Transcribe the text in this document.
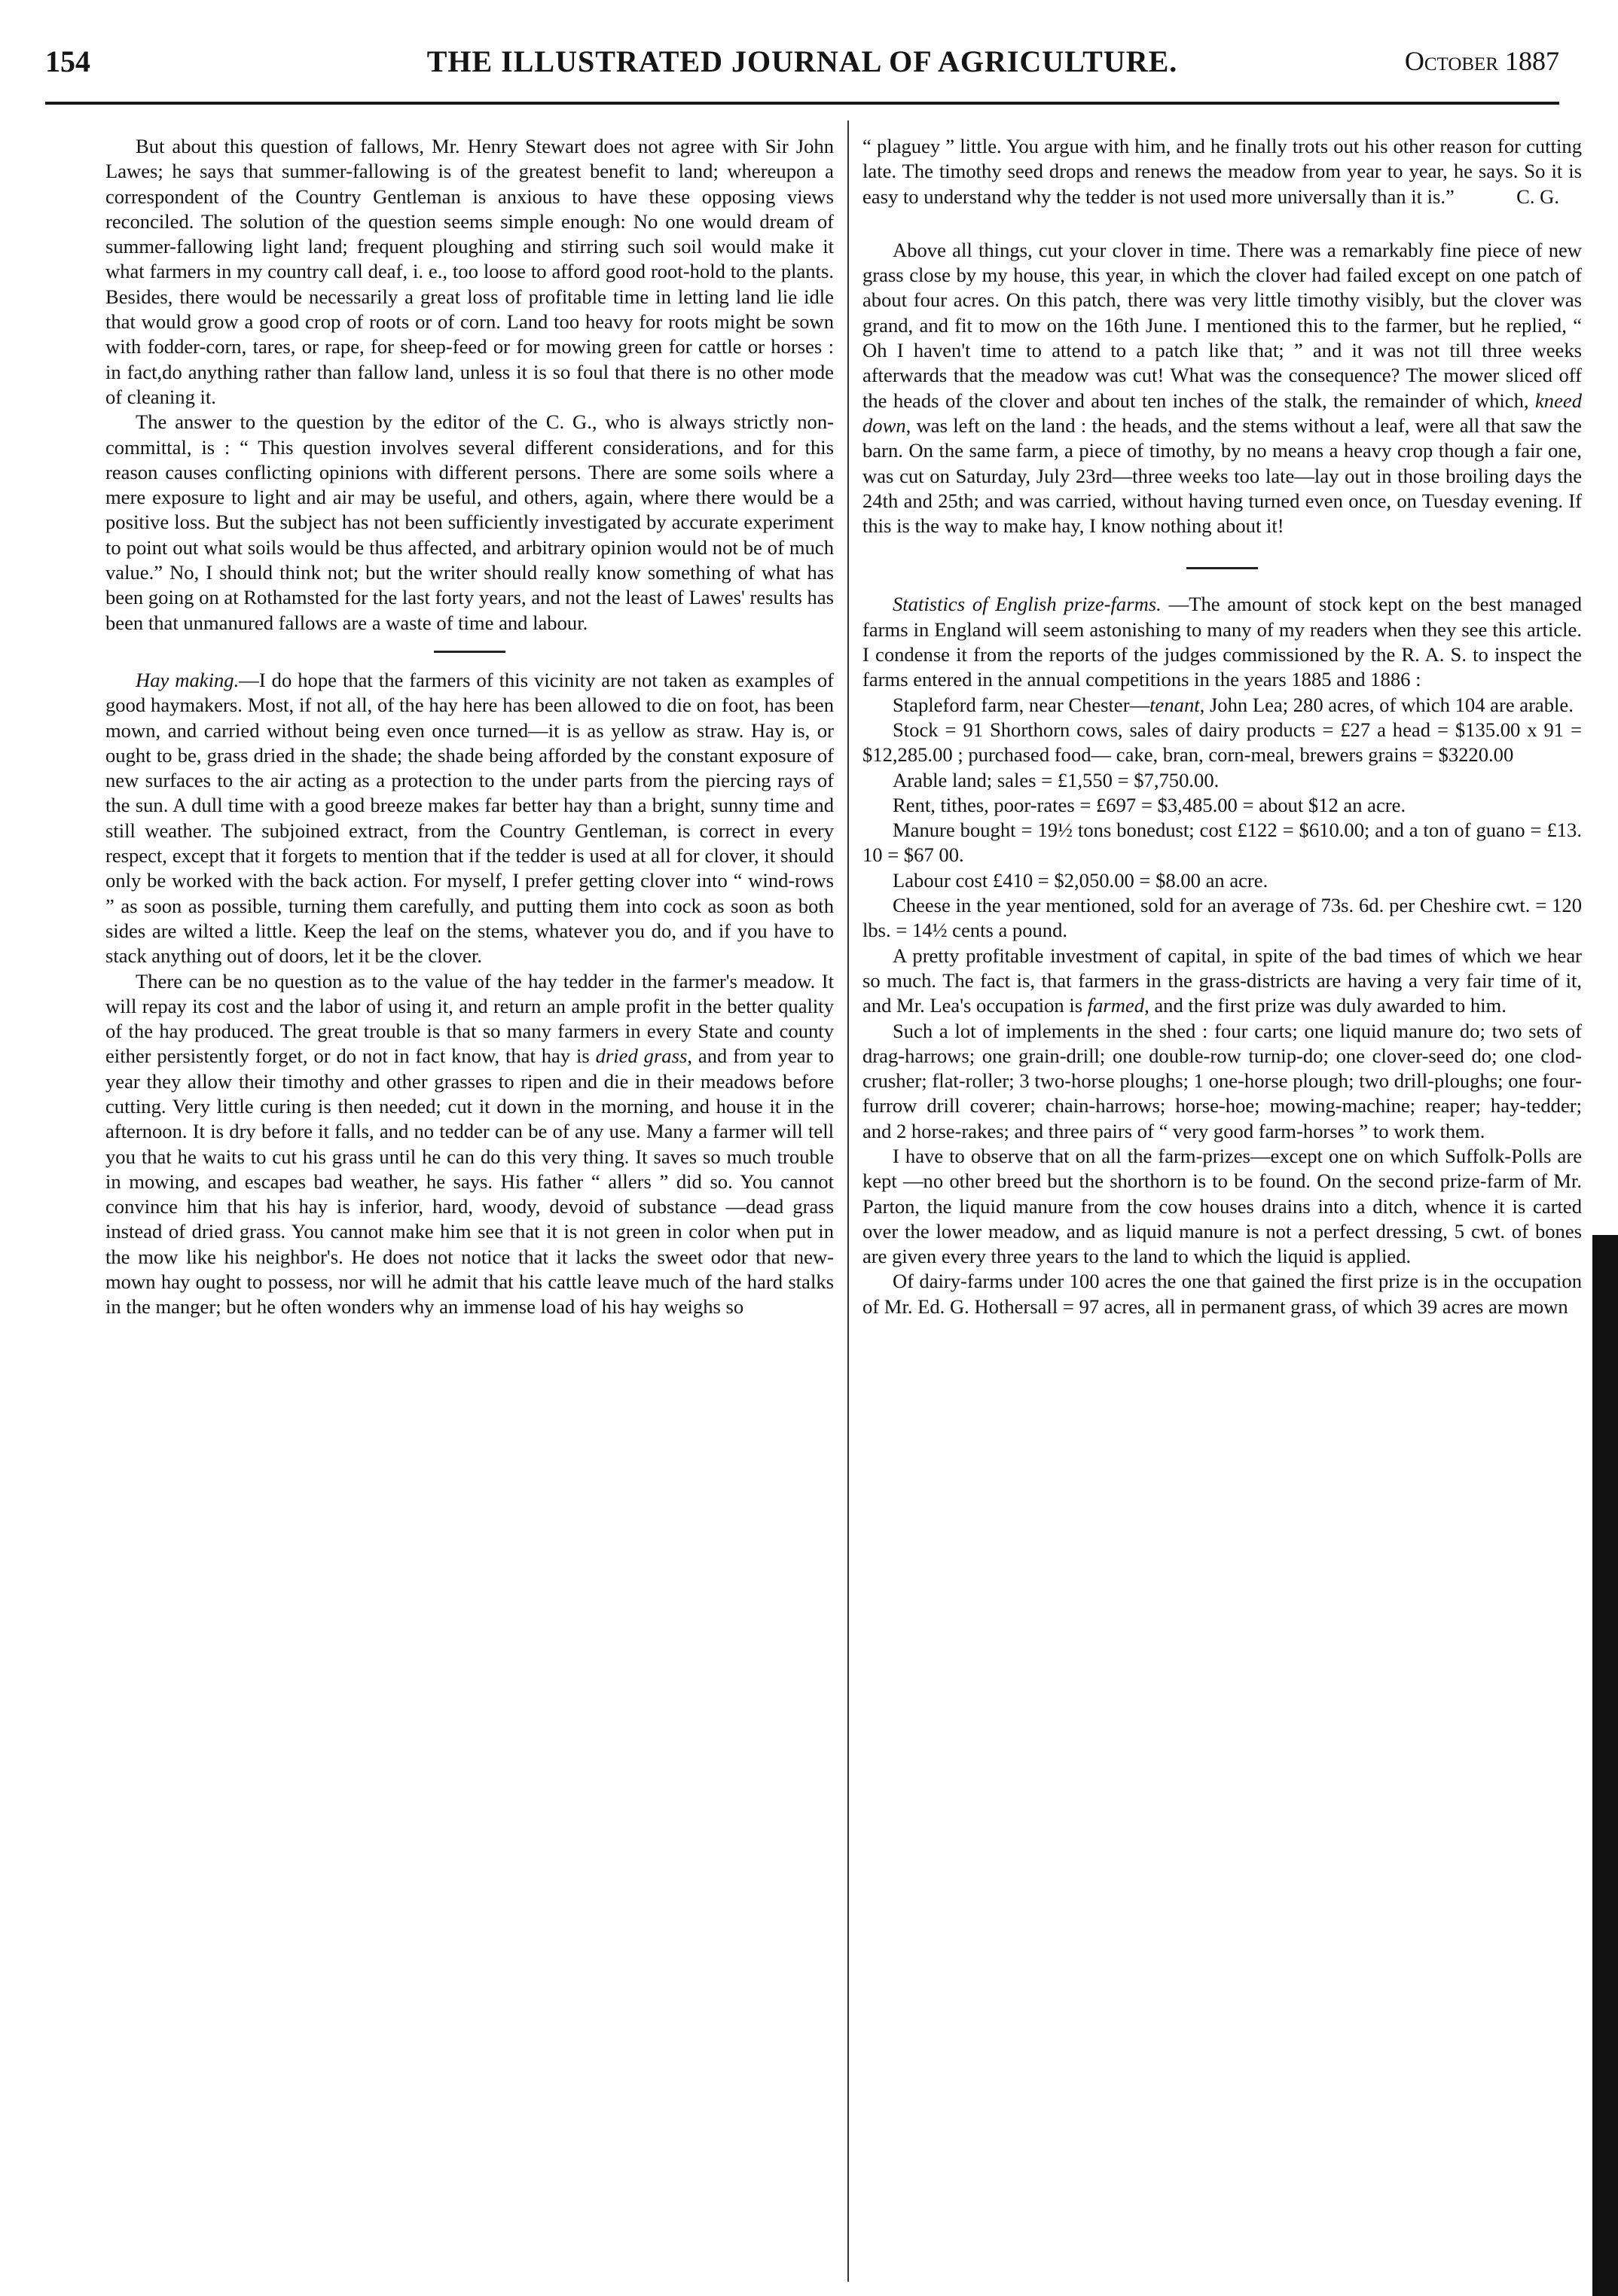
154	THE ILLUSTRATED JOURNAL OF AGRICULTURE.	October 1887

But about this question of fallows, Mr. Henry Stewart does not agree with Sir John Lawes; he says that summer-fallowing is of the greatest benefit to land; whereupon a correspondent of the Country Gentleman is anxious to have these opposing views reconciled. The solution of the question seems simple enough: No one would dream of summer-fallowing light land; frequent ploughing and stirring such soil would make it what farmers in my country call deaf, i. e., too loose to afford good root-hold to the plants. Besides, there would be necessarily a great loss of profitable time in letting land lie idle that would grow a good crop of roots or of corn. Land too heavy for roots might be sown with fodder-corn, tares, or rape, for sheep-feed or for mowing green for cattle or horses : in fact,do anything rather than fallow land, unless it is so foul that there is no other mode of cleaning it.

The answer to the question by the editor of the C. G., who is always strictly non-committal, is : “ This question involves several different considerations, and for this reason causes conflicting opinions with different persons. There are some soils where a mere exposure to light and air may be useful, and others, again, where there would be a positive loss. But the subject has not been sufficiently investigated by accurate experiment to point out what soils would be thus affected, and arbitrary opinion would not be of much value.” No, I should think not; but the writer should really know something of what has been going on at Rothamsted for the last forty years, and not the least of Lawes' results has been that unmanured fallows are a waste of time and labour.

Hay making.—I do hope that the farmers of this vicinity are not taken as examples of good haymakers. Most, if not all, of the hay here has been allowed to die on foot, has been mown, and carried without being even once turned—it is as yellow as straw. Hay is, or ought to be, grass dried in the shade; the shade being afforded by the constant exposure of new surfaces to the air acting as a protection to the under parts from the piercing rays of the sun. A dull time with a good breeze makes far better hay than a bright, sunny time and still weather. The subjoined extract, from the Country Gentleman, is correct in every respect, except that it forgets to mention that if the tedder is used at all for clover, it should only be worked with the back action. For myself, I prefer getting clover into “ wind-rows ” as soon as possible, turning them carefully, and putting them into cock as soon as both sides are wilted a little. Keep the leaf on the stems, whatever you do, and if you have to stack anything out of doors, let it be the clover.

There can be no question as to the value of the hay tedder in the farmer's meadow. It will repay its cost and the labor of using it, and return an ample profit in the better quality of the hay produced. The great trouble is that so many farmers in every State and county either persistently forget, or do not in fact know, that hay is dried grass, and from year to year they allow their timothy and other grasses to ripen and die in their meadows before cutting. Very little curing is then needed; cut it down in the morning, and house it in the afternoon. It is dry before it falls, and no tedder can be of any use. Many a farmer will tell you that he waits to cut his grass until he can do this very thing. It saves so much trouble in mowing, and escapes bad weather, he says. His father “ allers ” did so. You cannot convince him that his hay is inferior, hard, woody, devoid of substance —dead grass instead of dried grass. You cannot make him see that it is not green in color when put in the mow like his neighbor's. He does not notice that it lacks the sweet odor that new-mown hay ought to possess, nor will he admit that his cattle leave much of the hard stalks in the manger; but he often wonders why an immense load of his hay weighs so

“ plaguey ” little. You argue with him, and he finally trots out his other reason for cutting late. The timothy seed drops and renews the meadow from year to year, he says. So it is easy to understand why the tedder is not used more universally than it is.”	C. G.

Above all things, cut your clover in time. There was a remarkably fine piece of new grass close by my house, this year, in which the clover had failed except on one patch of about four acres. On this patch, there was very little timothy visibly, but the clover was grand, and fit to mow on the 16th June. I mentioned this to the farmer, but he replied, “ Oh I haven't time to attend to a patch like that; ” and it was not till three weeks afterwards that the meadow was cut! What was the consequence? The mower sliced off the heads of the clover and about ten inches of the stalk, the remainder of which, kneed down, was left on the land : the heads, and the stems without a leaf, were all that saw the barn. On the same farm, a piece of timothy, by no means a heavy crop though a fair one, was cut on Saturday, July 23rd—three weeks too late—lay out in those broiling days the 24th and 25th; and was carried, without having turned even once, on Tuesday evening. If this is the way to make hay, I know nothing about it!

Statistics of English prize-farms. —The amount of stock kept on the best managed farms in England will seem astonishing to many of my readers when they see this article. I condense it from the reports of the judges commissioned by the R. A. S. to inspect the farms entered in the annual competitions in the years 1885 and 1886 :

Stapleford farm, near Chester—tenant, John Lea; 280 acres, of which 104 are arable.

Stock = 91 Shorthorn cows, sales of dairy products = £27 a head = $135.00 x 91 = $12,285.00 ; purchased food— cake, bran, corn-meal, brewers grains = $3220.00

Arable land; sales = £1,550 = $7,750.00.

Rent, tithes, poor-rates = £697 = $3,485.00 = about $12 an acre.

Manure bought = 19½ tons bonedust; cost £122 = $610.00; and a ton of guano = £13. 10 = $67 00.

Labour cost £410 = $2,050.00 = $8.00 an acre.

Cheese in the year mentioned, sold for an average of 73s. 6d. per Cheshire cwt. = 120 lbs. = 14½ cents a pound.

A pretty profitable investment of capital, in spite of the bad times of which we hear so much. The fact is, that farmers in the grass-districts are having a very fair time of it, and Mr. Lea's occupation is farmed, and the first prize was duly awarded to him.

Such a lot of implements in the shed : four carts; one liquid manure do; two sets of drag-harrows; one grain-drill; one double-row turnip-do; one clover-seed do; one clod-crusher; flat-roller; 3 two-horse ploughs; 1 one-horse plough; two drill-ploughs; one four-furrow drill coverer; chain-harrows; horse-hoe; mowing-machine; reaper; hay-tedder; and 2 horse-rakes; and three pairs of “ very good farm-horses ” to work them.

I have to observe that on all the farm-prizes—except one on which Suffolk-Polls are kept —no other breed but the shorthorn is to be found. On the second prize-farm of Mr. Parton, the liquid manure from the cow houses drains into a ditch, whence it is carted over the lower meadow, and as liquid manure is not a perfect dressing, 5 cwt. of bones are given every three years to the land to which the liquid is applied.

Of dairy-farms under 100 acres the one that gained the first prize is in the occupation of Mr. Ed. G. Hothersall = 97 acres, all in permanent grass, of which 39 acres are mown
